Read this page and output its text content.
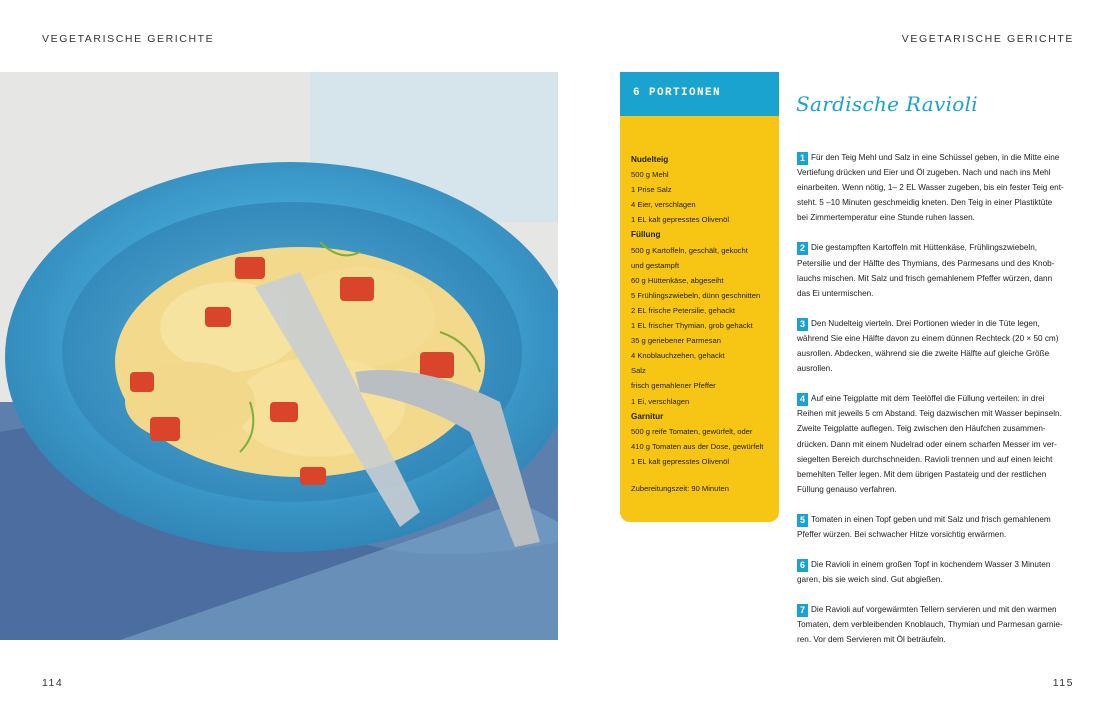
VEGETARISCHE GERICHTE	VEGETARISCHE GERICHTE
6 PORTIONEN
Nudelteig
500 g Mehl
1 Prise Salz
4 Eier, verschlagen
1 EL kalt gepresstes Olivenöl
Füllung
500 g Kartoffeln, geschält, gekocht
und gestampft
60 g Hüttenkäse, abgeseiht
5 Frühlingszwiebeln, dünn geschnitten
2 EL frische Petersilie, gehackt
1 EL frischer Thymian, grob gehackt
35 g geriebener Parmesan
4 Knoblauchzehen, gehackt
Salz
frisch gemahlener Pfeffer
1 Ei, verschlagen
Garnitur
500 g reife Tomaten, gewürfelt, oder
410 g Tomaten aus der Dose, gewürfelt
1 EL kalt gepresstes Olivenöl
Zubereitungszeit: 90 Minuten
Sardische Ravioli
1 Für den Teig Mehl und Salz in eine Schüssel geben, in die Mitte eine
Vertiefung drücken und Eier und Öl zugeben. Nach und nach ins Mehl
einarbeiten. Wenn nötig, 1– 2 EL Wasser zugeben, bis ein fester Teig ent-
steht. 5 –10 Minuten geschmeidig kneten. Den Teig in einer Plastiktüte
bei Zimmertemperatur eine Stunde ruhen lassen.
2 Die gestampften Kartoffeln mit Hüttenkäse, Frühlingszwiebeln,
Petersilie und der Hälfte des Thymians, des Parmesans und des Knob-
lauchs mischen. Mit Salz und frisch gemahlenem Pfeffer würzen, dann
das Ei untermischen.
3 Den Nudelteig vierteln. Drei Portionen wieder in die Tüte legen,
während Sie eine Hälfte davon zu einem dünnen Rechteck (20 × 50 cm)
ausrollen. Abdecken, während sie die zweite Hälfte auf gleiche Größe
ausrollen.
4 Auf eine Teigplatte mit dem Teelöffel die Füllung verteilen: in drei
Reihen mit jeweils 5 cm Abstand. Teig dazwischen mit Wasser bepinseln.
Zweite Teigplatte auflegen. Teig zwischen den Häufchen zusammen-
drücken. Dann mit einem Nudelrad oder einem scharfen Messer im ver-
siegelten Bereich durchschneiden. Ravioli trennen und auf einen leicht
bemehlten Teller legen. Mit dem übrigen Pastateig und der restlichen
Füllung genauso verfahren.
5 Tomaten in einen Topf geben und mit Salz und frisch gemahlenem
Pfeffer würzen. Bei schwacher Hitze vorsichtig erwärmen.
6 Die Ravioli in einem großen Topf in kochendem Wasser 3 Minuten
garen, bis sie weich sind. Gut abgießen.
7 Die Ravioli auf vorgewärmten Tellern servieren und mit den warmen
Tomaten, dem verbleibenden Knoblauch, Thymian und Parmesan garnie-
ren. Vor dem Servieren mit Öl beträufeln.
114	115
